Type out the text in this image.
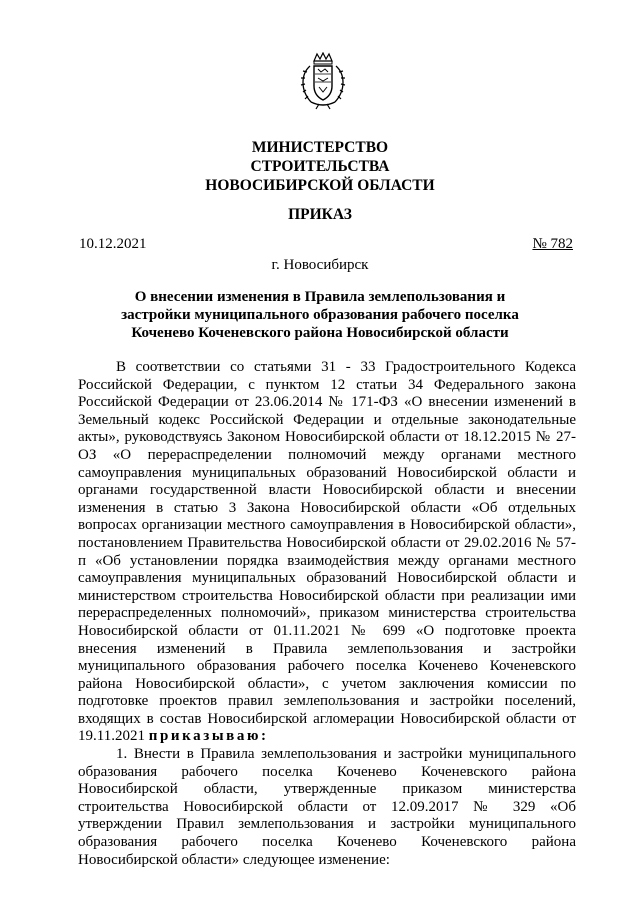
МИНИСТЕРСТВО
СТРОИТЕЛЬСТВА
НОВОСИБИРСКОЙ ОБЛАСТИ
ПРИКАЗ
10.12.2021	№ 782
г. Новосибирск
О внесении изменения в Правила землепользования и застройки муниципального образования рабочего поселка Коченево Коченевского района Новосибирской области

В соответствии со статьями 31 - 33 Градостроительного Кодекса Российской Федерации, с пунктом 12 статьи 34 Федерального закона Российской Федерации от 23.06.2014 № 171-ФЗ «О внесении изменений в Земельный кодекс Российской Федерации и отдельные законодательные акты», руководствуясь Законом Новосибирской области от 18.12.2015 № 27-ОЗ «О перераспределении полномочий между органами местного самоуправления муниципальных образований Новосибирской области и органами государственной власти Новосибирской области и внесении изменения в статью 3 Закона Новосибирской области «Об отдельных вопросах организации местного самоуправления в Новосибирской области», постановлением Правительства Новосибирской области от 29.02.2016 № 57-п «Об установлении порядка взаимодействия между органами местного самоуправления муниципальных образований Новосибирской области и министерством строительства Новосибирской области при реализации ими перераспределенных полномочий», приказом министерства строительства Новосибирской области от 01.11.2021 № 699 «О подготовке проекта внесения изменений в Правила землепользования и застройки муниципального образования рабочего поселка Коченево Коченевского района Новосибирской области», с учетом заключения комиссии по подготовке проектов правил землепользования и застройки поселений, входящих в состав Новосибирской агломерации Новосибирской области от 19.11.2021 приказываю:

1. Внести в Правила землепользования и застройки муниципального образования рабочего поселка Коченево Коченевского района Новосибирской области, утвержденные приказом министерства строительства Новосибирской области от 12.09.2017 № 329 «Об утверждении Правил землепользования и застройки муниципального образования рабочего поселка Коченево Коченевского района Новосибирской области» следующее изменение:
